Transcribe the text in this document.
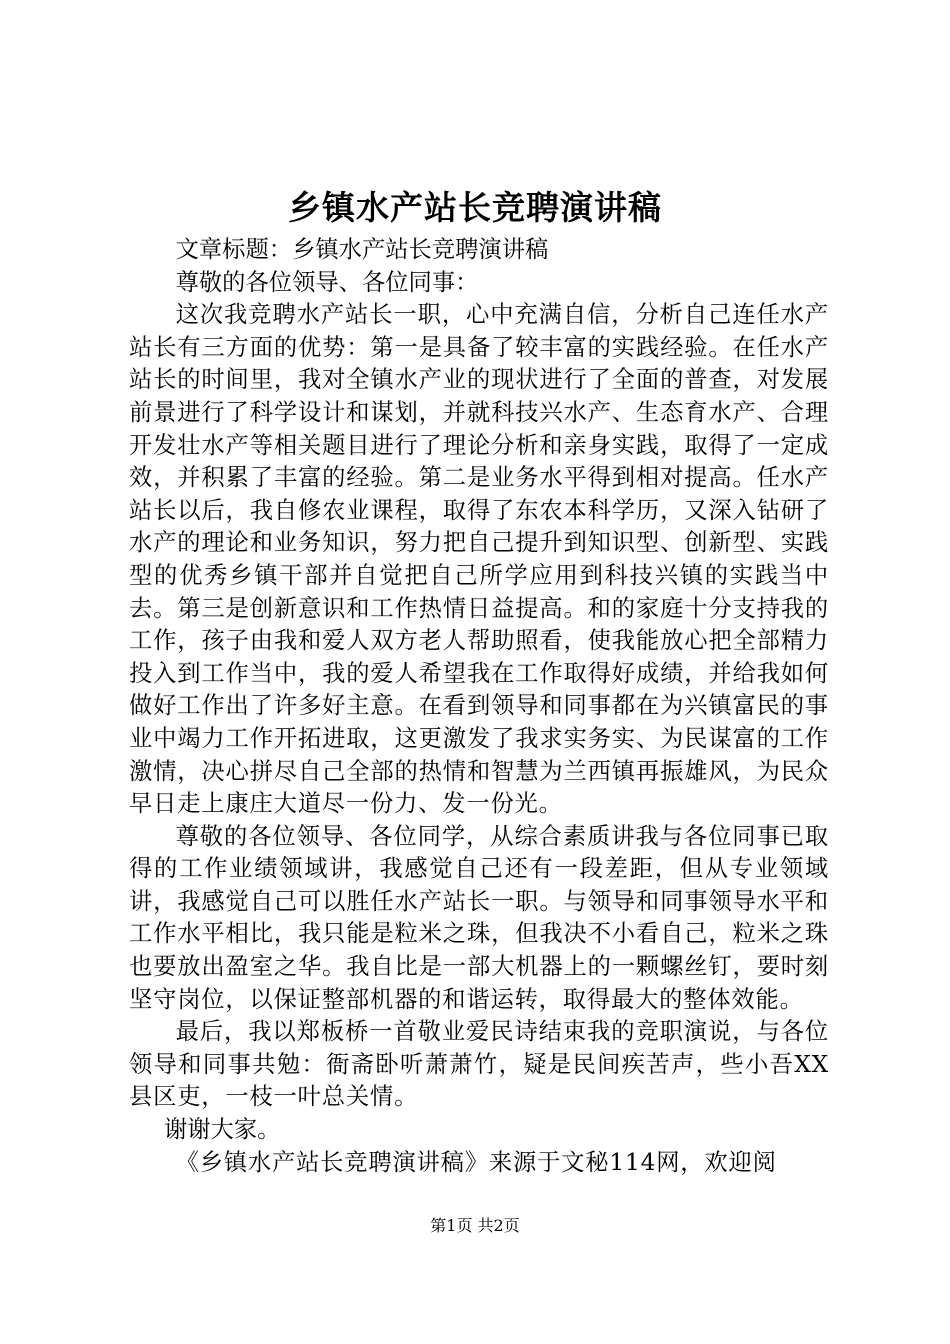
乡镇水产站长竞聘演讲稿

文章标题：乡镇水产站长竞聘演讲稿

尊敬的各位领导、各位同事：

这次我竞聘水产站长一职，心中充满自信，分析自己连任水产站长有三方面的优势：第一是具备了较丰富的实践经验。在任水产站长的时间里，我对全镇水产业的现状进行了全面的普查，对发展前景进行了科学设计和谋划，并就科技兴水产、生态育水产、合理开发壮水产等相关题目进行了理论分析和亲身实践，取得了一定成效，并积累了丰富的经验。第二是业务水平得到相对提高。任水产站长以后，我自修农业课程，取得了东农本科学历，又深入钻研了水产的理论和业务知识，努力把自己提升到知识型、创新型、实践型的优秀乡镇干部并自觉把自己所学应用到科技兴镇的实践当中去。第三是创新意识和工作热情日益提高。和的家庭十分支持我的工作，孩子由我和爱人双方老人帮助照看，使我能放心把全部精力投入到工作当中，我的爱人希望我在工作取得好成绩，并给我如何做好工作出了许多好主意。在看到领导和同事都在为兴镇富民的事业中竭力工作开拓进取，这更激发了我求实务实、为民谋富的工作激情，决心拼尽自己全部的热情和智慧为兰西镇再振雄风，为民众早日走上康庄大道尽一份力、发一份光。

尊敬的各位领导、各位同学，从综合素质讲我与各位同事已取得的工作业绩领域讲，我感觉自己还有一段差距，但从专业领域讲，我感觉自己可以胜任水产站长一职。与领导和同事领导水平和工作水平相比，我只能是粒米之珠，但我决不小看自己，粒米之珠也要放出盈室之华。我自比是一部大机器上的一颗螺丝钉，要时刻坚守岗位，以保证整部机器的和谐运转，取得最大的整体效能。

最后，我以郑板桥一首敬业爱民诗结束我的竞职演说，与各位领导和同事共勉：衙斋卧听萧萧竹，疑是民间疾苦声，些小吾XX县区吏，一枝一叶总关情。

谢谢大家。

《乡镇水产站长竞聘演讲稿》来源于文秘114网，欢迎阅

第1页 共2页
